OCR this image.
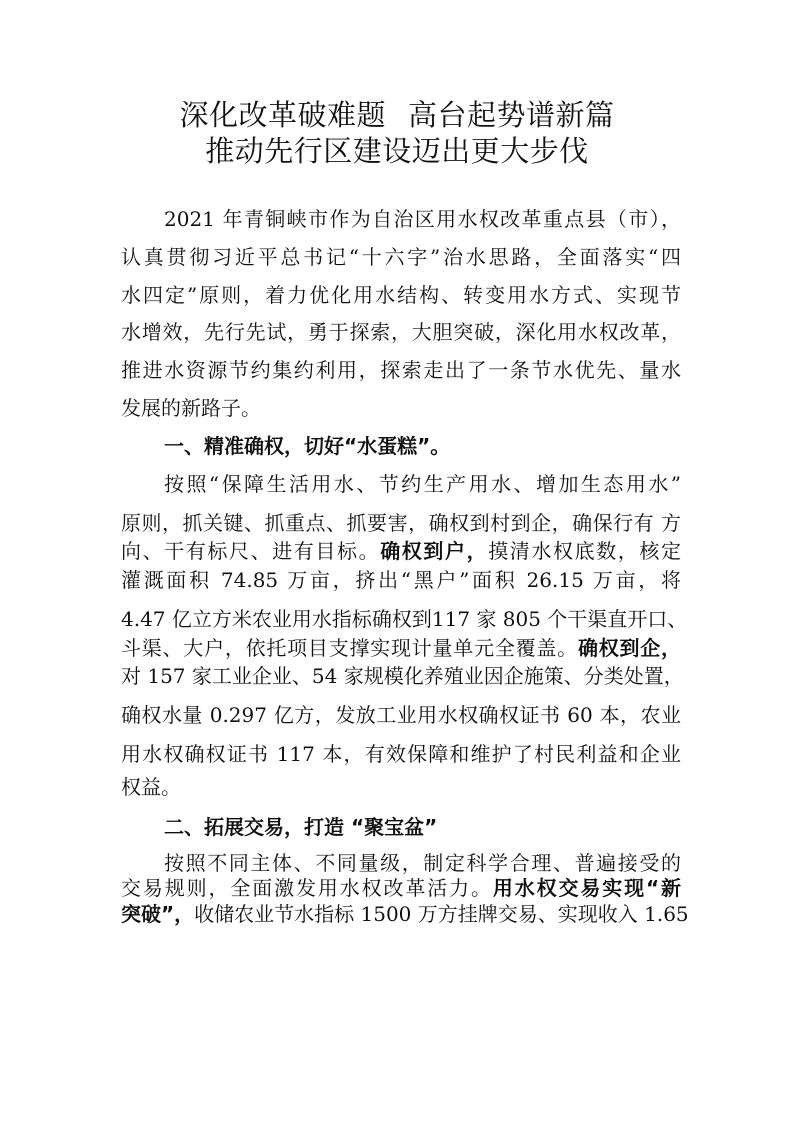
深化改革破难题 高台起势谱新篇
推动先行区建设迈出更大步伐
2021 年青铜峡市作为自治区用水权改革重点县（市），
认真贯彻习近平总书记“十六字”治水思路，全面落实“四
水四定”原则，着力优化用水结构、转变用水方式、实现节
水增效，先行先试，勇于探索，大胆突破，深化用水权改革，
推进水资源节约集约利用，探索走出了一条节水优先、量水
发展的新路子。
一、精准确权，切好“水蛋糕”。
按照“保障生活用水、节约生产用水、增加生态用水”
原则，抓关键、抓重点、抓要害，确权到村到企，确保行有 方
向、干有标尺、进有目标。确权到户，摸清水权底数，核定
灌溉面积 74.85 万亩，挤出“黑户”面积 26.15 万亩，将
4.47 亿立方米农业用水指标确权到117 家 805 个干渠直开口、
斗渠、大户，依托项目支撑实现计量单元全覆盖。确权到企，
对 157 家工业企业、54 家规模化养殖业因企施策、分类处置，
确权水量 0.297 亿方，发放工业用水权确权证书 60 本，农业
用水权确权证书 117 本，有效保障和维护了村民利益和企业
权益。
二、拓展交易，打造 “聚宝盆”
按照不同主体、不同量级，制定科学合理、普遍接受的
交易规则，全面激发用水权改革活力。用水权交易实现“新
突破”，收储农业节水指标 1500 万方挂牌交易、实现收入 1.65
